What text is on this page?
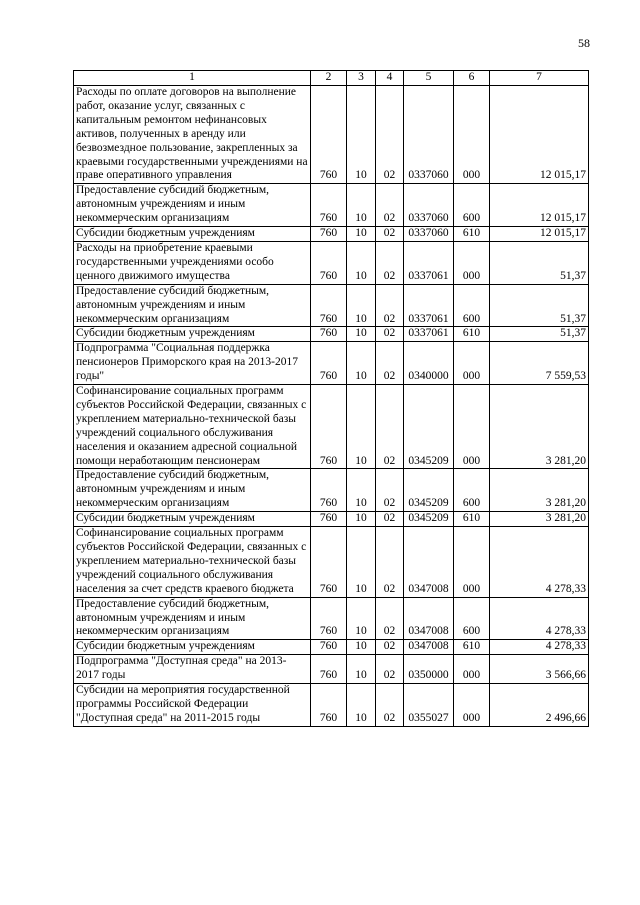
58
1	2	3	4	5	6	7
Расходы по оплате договоров на выполнение работ, оказание услуг, связанных с капитальным ремонтом нефинансовых активов, полученных в аренду или безвозмездное пользование, закрепленных за краевыми государственными учреждениями на праве оперативного управления	760	10	02	0337060	000	12 015,17
Предоставление субсидий бюджетным, автономным учреждениям и иным некоммерческим организациям	760	10	02	0337060	600	12 015,17
Субсидии бюджетным учреждениям	760	10	02	0337060	610	12 015,17
Расходы на приобретение краевыми государственными учреждениями особо ценного движимого имущества	760	10	02	0337061	000	51,37
Предоставление субсидий бюджетным, автономным учреждениям и иным некоммерческим организациям	760	10	02	0337061	600	51,37
Субсидии бюджетным учреждениям	760	10	02	0337061	610	51,37
Подпрограмма "Социальная поддержка пенсионеров Приморского края на 2013-2017 годы"	760	10	02	0340000	000	7 559,53
Софинансирование социальных программ субъектов Российской Федерации, связанных с укреплением материально-технической базы учреждений социального обслуживания населения и оказанием адресной социальной помощи неработающим пенсионерам	760	10	02	0345209	000	3 281,20
Предоставление субсидий бюджетным, автономным учреждениям и иным некоммерческим организациям	760	10	02	0345209	600	3 281,20
Субсидии бюджетным учреждениям	760	10	02	0345209	610	3 281,20
Софинансирование социальных программ субъектов Российской Федерации, связанных с укреплением материально-технической базы учреждений социального обслуживания населения за счет средств краевого бюджета	760	10	02	0347008	000	4 278,33
Предоставление субсидий бюджетным, автономным учреждениям и иным некоммерческим организациям	760	10	02	0347008	600	4 278,33
Субсидии бюджетным учреждениям	760	10	02	0347008	610	4 278,33
Подпрограмма "Доступная среда" на 2013-2017 годы	760	10	02	0350000	000	3 566,66
Субсидии на мероприятия государственной программы Российской Федерации "Доступная среда" на 2011-2015 годы	760	10	02	0355027	000	2 496,66
